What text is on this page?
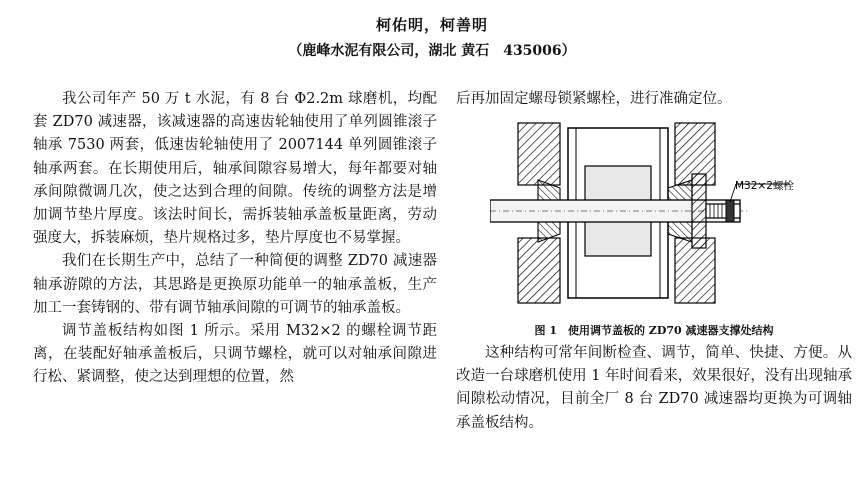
柯佑明，柯善明
（鹿峰水泥有限公司，湖北 黄石　435006）

我公司年产 50 万 t 水泥，有 8 台 Φ2.2m 球磨机，均配套 ZD70 减速器，该减速器的高速齿轮轴使用了单列圆锥滚子轴承 7530 两套，低速齿轮轴使用了 2007144 单列圆锥滚子轴承两套。在长期使用后，轴承间隙容易增大，每年都要对轴承间隙微调几次，使之达到合理的间隙。传统的调整方法是增加调节垫片厚度。该法时间长，需拆装轴承盖板量距离，劳动强度大，拆装麻烦，垫片规格过多，垫片厚度也不易掌握。

我们在长期生产中，总结了一种简便的调整 ZD70 减速器轴承游隙的方法，其思路是更换原功能单一的轴承盖板，生产加工一套铸钢的、带有调节轴承间隙的可调节的轴承盖板。

调节盖板结构如图 1 所示。采用 M32×2 的螺栓调节距离，在装配好轴承盖板后，只调节螺栓，就可以对轴承间隙进行松、紧调整，使之达到理想的位置，然

后再加固定螺母锁紧螺栓，进行准确定位。

M32×2螺栓
图 1　使用调节盖板的 ZD70 减速器支撑处结构

这种结构可常年间断检查、调节，简单、快捷、方便。从改造一台球磨机使用 1 年时间看来，效果很好，没有出现轴承间隙松动情况，目前全厂 8 台 ZD70 减速器均更换为可调轴承盖板结构。
